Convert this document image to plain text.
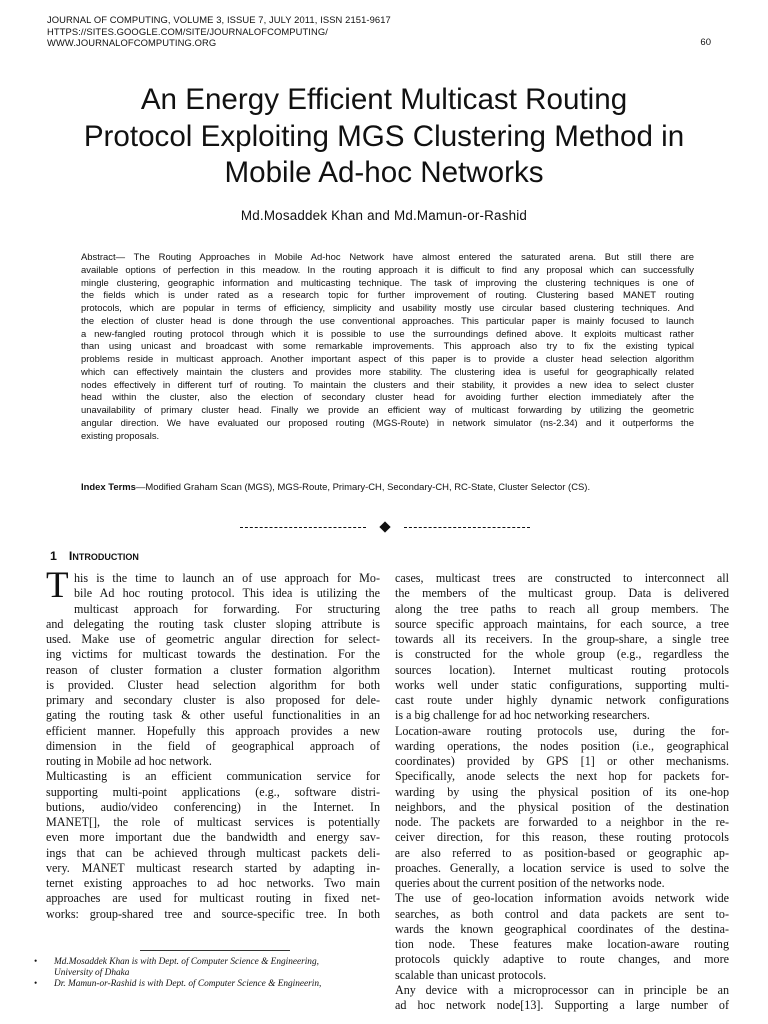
JOURNAL OF COMPUTING, VOLUME 3, ISSUE 7, JULY 2011, ISSN 2151-9617
HTTPS://SITES.GOOGLE.COM/SITE/JOURNALOFCOMPUTING/
WWW.JOURNALOFCOMPUTING.ORG	60
An Energy Efficient Multicast Routing
Protocol Exploiting MGS Clustering Method in
Mobile Ad-hoc Networks
Md.Mosaddek Khan and Md.Mamun-or-Rashid
Abstract— The Routing Approaches in Mobile Ad-hoc Network have almost entered the saturated arena. But still there are
available options of perfection in this meadow. In the routing approach it is difficult to find any proposal which can successfully
mingle clustering, geographic information and multicasting technique. The task of improving the clustering techniques is one of
the fields which is under rated as a research topic for further improvement of routing. Clustering based MANET routing
protocols, which are popular in terms of efficiency, simplicity and usability mostly use circular based clustering techniques. And
the election of cluster head is done through the use conventional approaches. This particular paper is mainly focused to launch
a new-fangled routing protocol through which it is possible to use the surroundings defined above. It exploits multicast rather
than using unicast and broadcast with some remarkable improvements. This approach also try to fix the existing typical
problems reside in multicast approach. Another important aspect of this paper is to provide a cluster head selection algorithm
which can effectively maintain the clusters and provides more stability. The clustering idea is useful for geographically related
nodes effectively in different turf of routing. To maintain the clusters and their stability, it provides a new idea to select cluster
head within the cluster, also the election of secondary cluster head for avoiding further election immediately after the
unavailability of primary cluster head. Finally we provide an efficient way of multicast forwarding by utilizing the geometric
angular direction. We have evaluated our proposed routing (MGS-Route) in network simulator (ns-2.34) and it outperforms the
existing proposals.
Index Terms—Modified Graham Scan (MGS), MGS-Route, Primary-CH, Secondary-CH, RC-State, Cluster Selector (CS).
1 Introduction
T his is the time to launch an of use approach for Mo-
bile Ad hoc routing protocol. This idea is utilizing the
multicast approach for forwarding. For structuring
and delegating the routing task cluster sloping attribute is
used. Make use of geometric angular direction for select-
ing victims for multicast towards the destination. For the
reason of cluster formation a cluster formation algorithm
is provided. Cluster head selection algorithm for both
primary and secondary cluster is also proposed for dele-
gating the routing task & other useful functionalities in an
efficient manner. Hopefully this approach provides a new
dimension in the field of geographical approach of
routing in Mobile ad hoc network.
Multicasting is an efficient communication service for
supporting multi-point applications (e.g., software distri-
butions, audio/video conferencing) in the Internet. In
MANET[], the role of multicast services is potentially
even more important due the bandwidth and energy sav-
ings that can be achieved through multicast packets deli-
very. MANET multicast research started by adapting in-
ternet existing approaches to ad hoc networks. Two main
approaches are used for multicast routing in fixed net-
works: group-shared tree and source-specific tree. In both
cases, multicast trees are constructed to interconnect all
the members of the multicast group. Data is delivered
along the tree paths to reach all group members. The
source specific approach maintains, for each source, a tree
towards all its receivers. In the group-share, a single tree
is constructed for the whole group (e.g., regardless the
sources location). Internet multicast routing protocols
works well under static configurations, supporting multi-
cast route under highly dynamic network configurations
is a big challenge for ad hoc networking researchers.
Location-aware routing protocols use, during the for-
warding operations, the nodes position (i.e., geographical
coordinates) provided by GPS [1] or other mechanisms.
Specifically, anode selects the next hop for packets for-
warding by using the physical position of its one-hop
neighbors, and the physical position of the destination
node. The packets are forwarded to a neighbor in the re-
ceiver direction, for this reason, these routing protocols
are also referred to as position-based or geographic ap-
proaches. Generally, a location service is used to solve the
queries about the current position of the networks node.
The use of geo-location information avoids network wide
searches, as both control and data packets are sent to-
wards the known geographical coordinates of the destina-
tion node. These features make location-aware routing
protocols quickly adaptive to route changes, and more
scalable than unicast protocols.
Any device with a microprocessor can in principle be an
ad hoc network node[13]. Supporting a large number of
• Md.Mosaddek Khan is with Dept. of Computer Science & Engineering,
University of Dhaka
• Dr. Mamun-or-Rashid is with Dept. of Computer Science & Engineerin,
